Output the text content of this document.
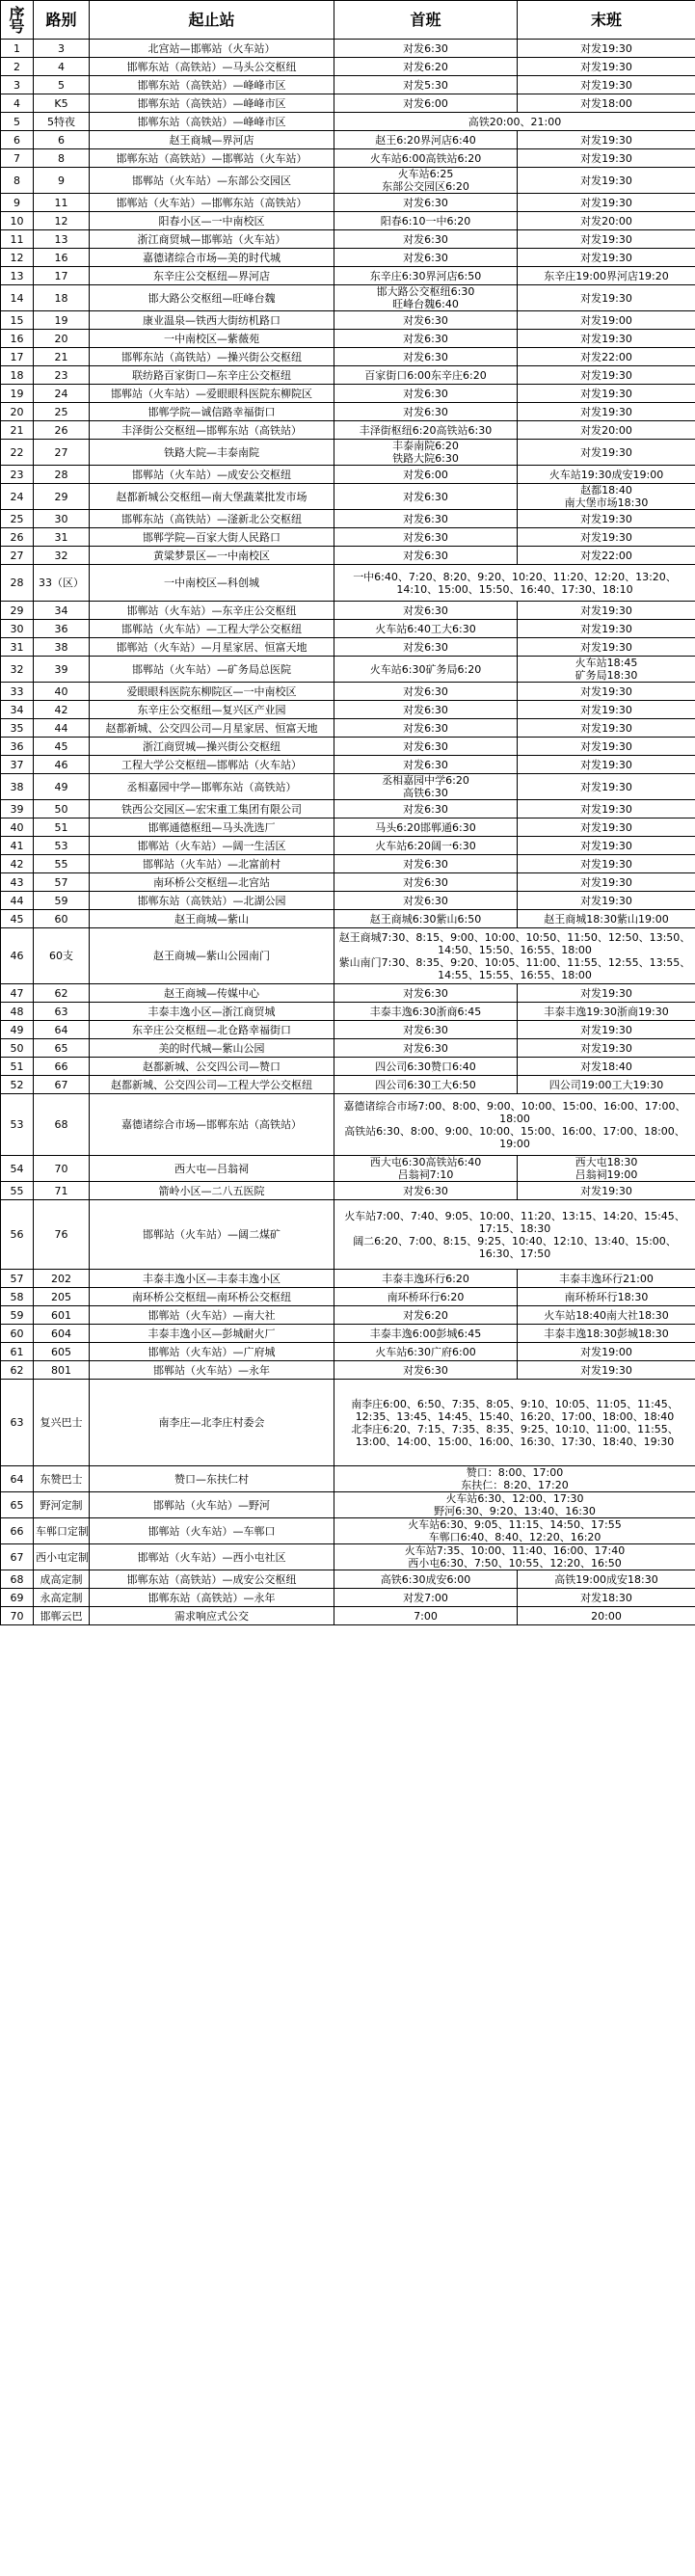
序号	路别	起止站	首班	末班
1	3	北宫站—邯郸站（火车站）	对发6:30	对发19:30
2	4	邯郸东站（高铁站）—马头公交枢纽	对发6:20	对发19:30
3	5	邯郸东站（高铁站）—峰峰市区	对发5:30	对发19:30
4	K5	邯郸东站（高铁站）—峰峰市区	对发6:00	对发18:00
5	5特夜	邯郸东站（高铁站）—峰峰市区	高铁20:00、21:00	
6	6	赵王商城—界河店	赵王6:20界河店6:40	对发19:30
7	8	邯郸东站（高铁站）—邯郸站（火车站）	火车站6:00高铁站6:20	对发19:30
8	9	邯郸站（火车站）—东部公交园区	火车站6:25
东部公交园区6:20	对发19:30
9	11	邯郸站（火车站）—邯郸东站（高铁站）	对发6:30	对发19:30
10	12	阳春小区—一中南校区	阳春6:10一中6:20	对发20:00
11	13	浙江商贸城—邯郸站（火车站）	对发6:30	对发19:30
12	16	嘉德诸综合市场—美的时代城	对发6:30	对发19:30
13	17	东辛庄公交枢纽—界河店	东辛庄6:30界河店6:50	东辛庄19:00界河店19:20
14	18	邯大路公交枢纽—旺峰台魏	邯大路公交枢纽6:30
旺峰台魏6:40	对发19:30
15	19	康业温泉—铁西大街纺机路口	对发6:30	对发19:00
16	20	一中南校区—紫薇苑	对发6:30	对发19:30
17	21	邯郸东站（高铁站）—操兴街公交枢纽	对发6:30	对发22:00
18	23	联纺路百家街口—东辛庄公交枢纽	百家街口6:00东辛庄6:20	对发19:30
19	24	邯郸站（火车站）—爱眼眼科医院东柳院区	对发6:30	对发19:30
20	25	邯郸学院—诚信路幸福街口	对发6:30	对发19:30
21	26	丰泽街公交枢纽—邯郸东站（高铁站）	丰泽街枢纽6:20高铁站6:30	对发20:00
22	27	铁路大院—丰泰南院	丰泰南院6:20
铁路大院6:30	对发19:30
23	28	邯郸站（火车站）—成安公交枢纽	对发6:00	火车站19:30成安19:00
24	29	赵都新城公交枢纽—南大堡蔬菜批发市场	对发6:30	赵都18:40
南大堡市场18:30
25	30	邯郸东站（高铁站）—滏新北公交枢纽	对发6:30	对发19:30
26	31	邯郸学院—百家大街人民路口	对发6:30	对发19:30
27	32	黄粱梦景区—一中南校区	对发6:30	对发22:00
28	33（区）	一中南校区—科创城	一中6:40、7:20、8:20、9:20、10:20、11:20、12:20、13:20、14:10、15:00、15:50、16:40、17:30、18:10	
29	34	邯郸站（火车站）—东辛庄公交枢纽	对发6:30	对发19:30
30	36	邯郸站（火车站）—工程大学公交枢纽	火车站6:40工大6:30	对发19:30
31	38	邯郸站（火车站）—月星家居、恒富天地	对发6:30	对发19:30
32	39	邯郸站（火车站）—矿务局总医院	火车站6:30矿务局6:20	火车站18:45
矿务局18:30
33	40	爱眼眼科医院东柳院区—一中南校区	对发6:30	对发19:30
34	42	东辛庄公交枢纽—复兴区产业园	对发6:30	对发19:30
35	44	赵都新城、公交四公司—月星家居、恒富天地	对发6:30	对发19:30
36	45	浙江商贸城—操兴街公交枢纽	对发6:30	对发19:30
37	46	工程大学公交枢纽—邯郸站（火车站）	对发6:30	对发19:30
38	49	丞相嘉园中学—邯郸东站（高铁站）	丞相嘉园中学6:20
高铁6:30	对发19:30
39	50	铁西公交园区—宏宋重工集团有限公司	对发6:30	对发19:30
40	51	邯郸通德枢纽—马头冼选厂	马头6:20邯郸通6:30	对发19:30
41	53	邯郸站（火车站）—阔一生活区	火车站6:20阔一6:30	对发19:30
42	55	邯郸站（火车站）—北富前村	对发6:30	对发19:30
43	57	南环桥公交枢纽—北宫站	对发6:30	对发19:30
44	59	邯郸东站（高铁站）—北湖公园	对发6:30	对发19:30
45	60	赵王商城—紫山	赵王商城6:30紫山6:50	赵王商城18:30紫山19:00
46	60支	赵王商城—紫山公园南门	赵王商城7:30、8:15、9:00、10:00、10:50、11:50、12:50、13:50、14:50、15:50、16:55、18:00
紫山南门7:30、8:35、9:20、10:05、11:00、11:55、12:55、13:55、14:55、15:55、16:55、18:00	
47	62	赵王商城—传媒中心	对发6:30	对发19:30
48	63	丰泰丰逸小区—浙江商贸城	丰泰丰逸6:30浙商6:45	丰泰丰逸19:30浙商19:30
49	64	东辛庄公交枢纽—北仓路幸福街口	对发6:30	对发19:30
50	65	美的时代城—紫山公园	对发6:30	对发19:30
51	66	赵都新城、公交四公司—赞口	四公司6:30赞口6:40	对发18:40
52	67	赵都新城、公交四公司—工程大学公交枢纽	四公司6:30工大6:50	四公司19:00工大19:30
53	68	嘉德诸综合市场—邯郸东站（高铁站）	嘉德诸综合市场7:00、8:00、9:00、10:00、15:00、16:00、17:00、18:00
高铁站6:30、8:00、9:00、10:00、15:00、16:00、17:00、18:00、19:00	
54	70	西大屯—吕翁祠	西大屯6:30高铁站6:40
吕翁祠7:10	西大屯18:30
吕翁祠19:00
55	71	箭岭小区—二八五医院	对发6:30	对发19:30
56	76	邯郸站（火车站）—阔二煤矿	火车站7:00、7:40、9:05、10:00、11:20、13:15、14:20、15:45、17:15、18:30
阔二6:20、7:00、8:15、9:25、10:40、12:10、13:40、15:00、16:30、17:50	
57	202	丰泰丰逸小区—丰泰丰逸小区	丰泰丰逸环行6:20	丰泰丰逸环行21:00
58	205	南环桥公交枢纽—南环桥公交枢纽	南环桥环行6:20	南环桥环行18:30
59	601	邯郸站（火车站）—南大社	对发6:20	火车站18:40南大社18:30
60	604	丰泰丰逸小区—彭城耐火厂	丰泰丰逸6:00彭城6:45	丰泰丰逸18:30彭城18:30
61	605	邯郸站（火车站）—广府城	火车站6:30广府6:00	对发19:00
62	801	邯郸站（火车站）—永年	对发6:30	对发19:30
63	复兴巴士	南李庄—北李庄村委会	南李庄6:00、6:50、7:35、8:05、9:10、10:05、11:05、11:45、12:35、13:45、14:45、15:40、16:20、17:00、18:00、18:40
北李庄6:20、7:15、7:35、8:35、9:25、10:10、11:00、11:55、13:00、14:00、15:00、16:00、16:30、17:30、18:40、19:30	
64	东赞巴士	赞口—东扶仁村	赞口：8:00、17:00
东扶仁：8:20、17:20	
65	野河定制	邯郸站（火车站）—野河	火车站6:30、12:00、17:30
野河6:30、9:20、13:40、16:30	
66	车郸口定制	邯郸站（火车站）—车郸口	火车站6:30、9:05、11:15、14:50、17:55
车郸口6:40、8:40、12:20、16:20	
67	西小屯定制	邯郸站（火车站）—西小屯社区	火车站7:35、10:00、11:40、16:00、17:40
西小屯6:30、7:50、10:55、12:20、16:50	
68	成高定制	邯郸东站（高铁站）—成安公交枢纽	高铁6:30成安6:00	高铁19:00成安18:30
69	永高定制	邯郸东站（高铁站）—永年	对发7:00	对发18:30
70	邯郸云巴	需求响应式公交	7:00	20:00
